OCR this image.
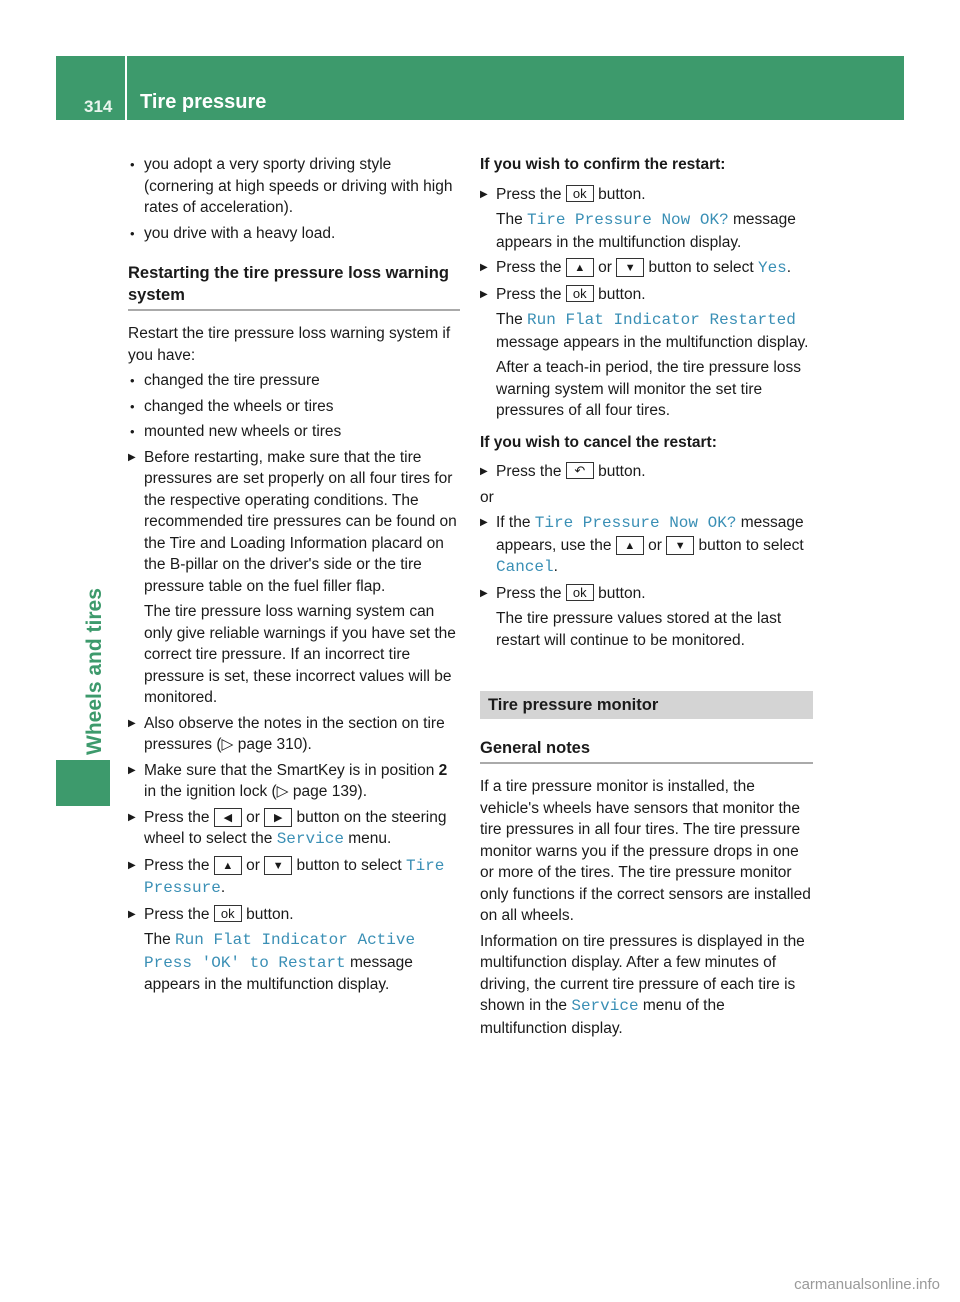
314 Tire pressure
Wheels and tires
• you adopt a very sporty driving style (cornering at high speeds or driving with high rates of acceleration).
• you drive with a heavy load.
Restarting the tire pressure loss warning system

Restart the tire pressure loss warning system if you have:

• changed the tire pressure
• changed the wheels or tires
• mounted new wheels or tires
▶ Before restarting, make sure that the tire pressures are set properly on all four tires for the respective operating conditions. The recommended tire pressures can be found on the Tire and Loading Information placard on the B-pillar on the driver's side or the tire pressure table on the fuel filler flap.
The tire pressure loss warning system can only give reliable warnings if you have set the correct tire pressure. If an incorrect tire pressure is set, these incorrect values will be monitored.
▶ Also observe the notes in the section on tire pressures (▷ page 310).
▶ Make sure that the SmartKey is in position 2 in the ignition lock (▷ page 139).
▶ Press the ◀ or ▶ button on the steering wheel to select the Service menu.
▶ Press the ▲ or ▼ button to select Tire Pressure.
▶ Press the ok button.
The Run Flat Indicator Active Press 'OK' to Restart message appears in the multifunction display.
If you wish to confirm the restart:
▶ Press the ok button.
The Tire Pressure Now OK? message appears in the multifunction display.
▶ Press the ▲ or ▼ button to select Yes.
▶ Press the ok button.
The Run Flat Indicator Restarted message appears in the multifunction display.
After a teach-in period, the tire pressure loss warning system will monitor the set tire pressures of all four tires.
If you wish to cancel the restart:
▶ Press the ↶ button.

or

▶ If the Tire Pressure Now OK? message appears, use the ▲ or ▼ button to select Cancel.
▶ Press the ok button.
The tire pressure values stored at the last restart will continue to be monitored.
Tire pressure monitor
General notes

If a tire pressure monitor is installed, the vehicle's wheels have sensors that monitor the tire pressures in all four tires. The tire pressure monitor warns you if the pressure drops in one or more of the tires. The tire pressure monitor only functions if the correct sensors are installed on all wheels.

Information on tire pressures is displayed in the multifunction display. After a few minutes of driving, the current tire pressure of each tire is shown in the Service menu of the multifunction display.

carmanualsonline.info
